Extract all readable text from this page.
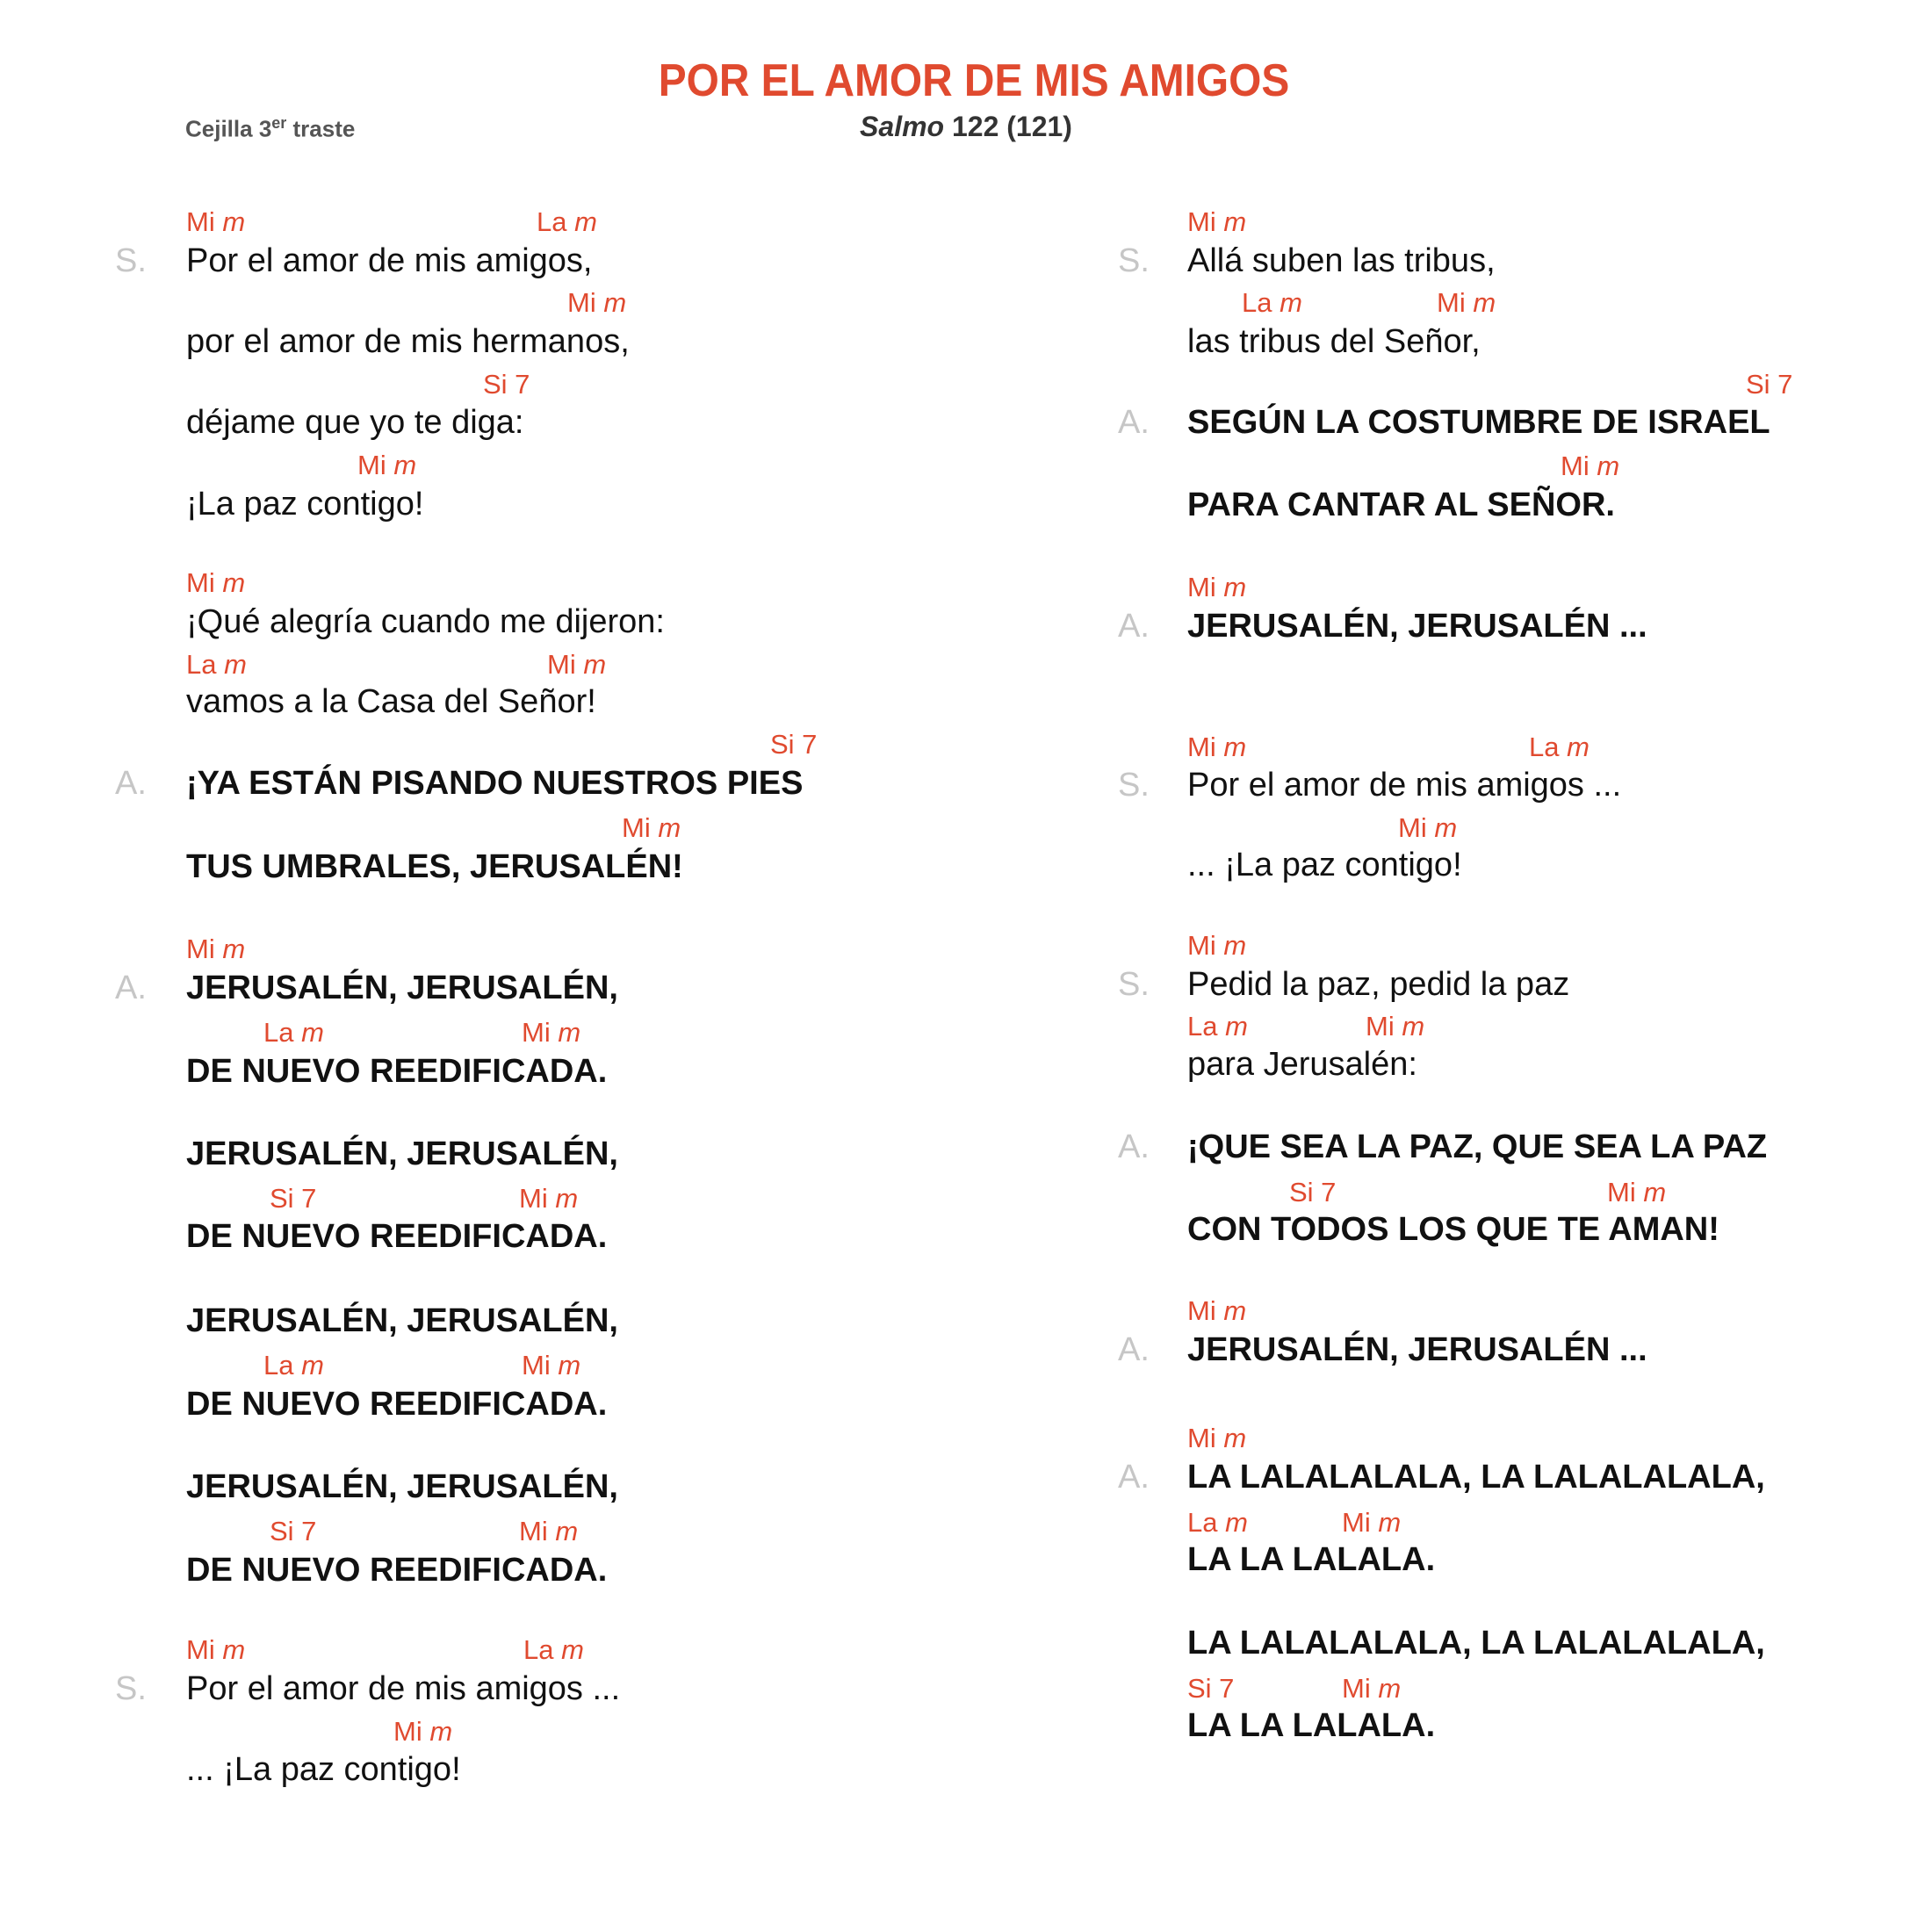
POR EL AMOR DE MIS AMIGOS
Cejilla 3er traste	Salmo 122 (121)
Mi m	La m
S. Por el amor de mis amigos,
Mi m
por el amor de mis hermanos,
Si 7
déjame que yo te diga:
Mi m
¡La paz contigo!
Mi m
¡Qué alegría cuando me dijeron:
La m	Mi m
vamos a la Casa del Señor!
Si 7
A. ¡YA ESTÁN PISANDO NUESTROS PIES
Mi m
TUS UMBRALES, JERUSALÉN!
Mi m
A. JERUSALÉN, JERUSALÉN,
La m	Mi m
DE NUEVO REEDIFICADA.
JERUSALÉN, JERUSALÉN,
Si 7	Mi m
DE NUEVO REEDIFICADA.
JERUSALÉN, JERUSALÉN,
La m	Mi m
DE NUEVO REEDIFICADA.
JERUSALÉN, JERUSALÉN,
Si 7	Mi m
DE NUEVO REEDIFICADA.
Mi m	La m
S. Por el amor de mis amigos ...
Mi m
... ¡La paz contigo!
Mi m
S. Allá suben las tribus,
La m	Mi m
las tribus del Señor,
Si 7
A. SEGÚN LA COSTUMBRE DE ISRAEL
Mi m
PARA CANTAR AL SEÑOR.
Mi m
A. JERUSALÉN, JERUSALÉN ...
Mi m	La m
S. Por el amor de mis amigos ...
Mi m
... ¡La paz contigo!
Mi m
S. Pedid la paz, pedid la paz
La m	Mi m
para Jerusalén:
A. ¡QUE SEA LA PAZ, QUE SEA LA PAZ
Si 7	Mi m
CON TODOS LOS QUE TE AMAN!
Mi m
A. JERUSALÉN, JERUSALÉN ...
Mi m
A. LA LALALALALA, LA LALALALALA,
La m	Mi m
LA LA LALALA.
LA LALALALALA, LA LALALALALA,
Si 7	Mi m
LA LA LALALA.
